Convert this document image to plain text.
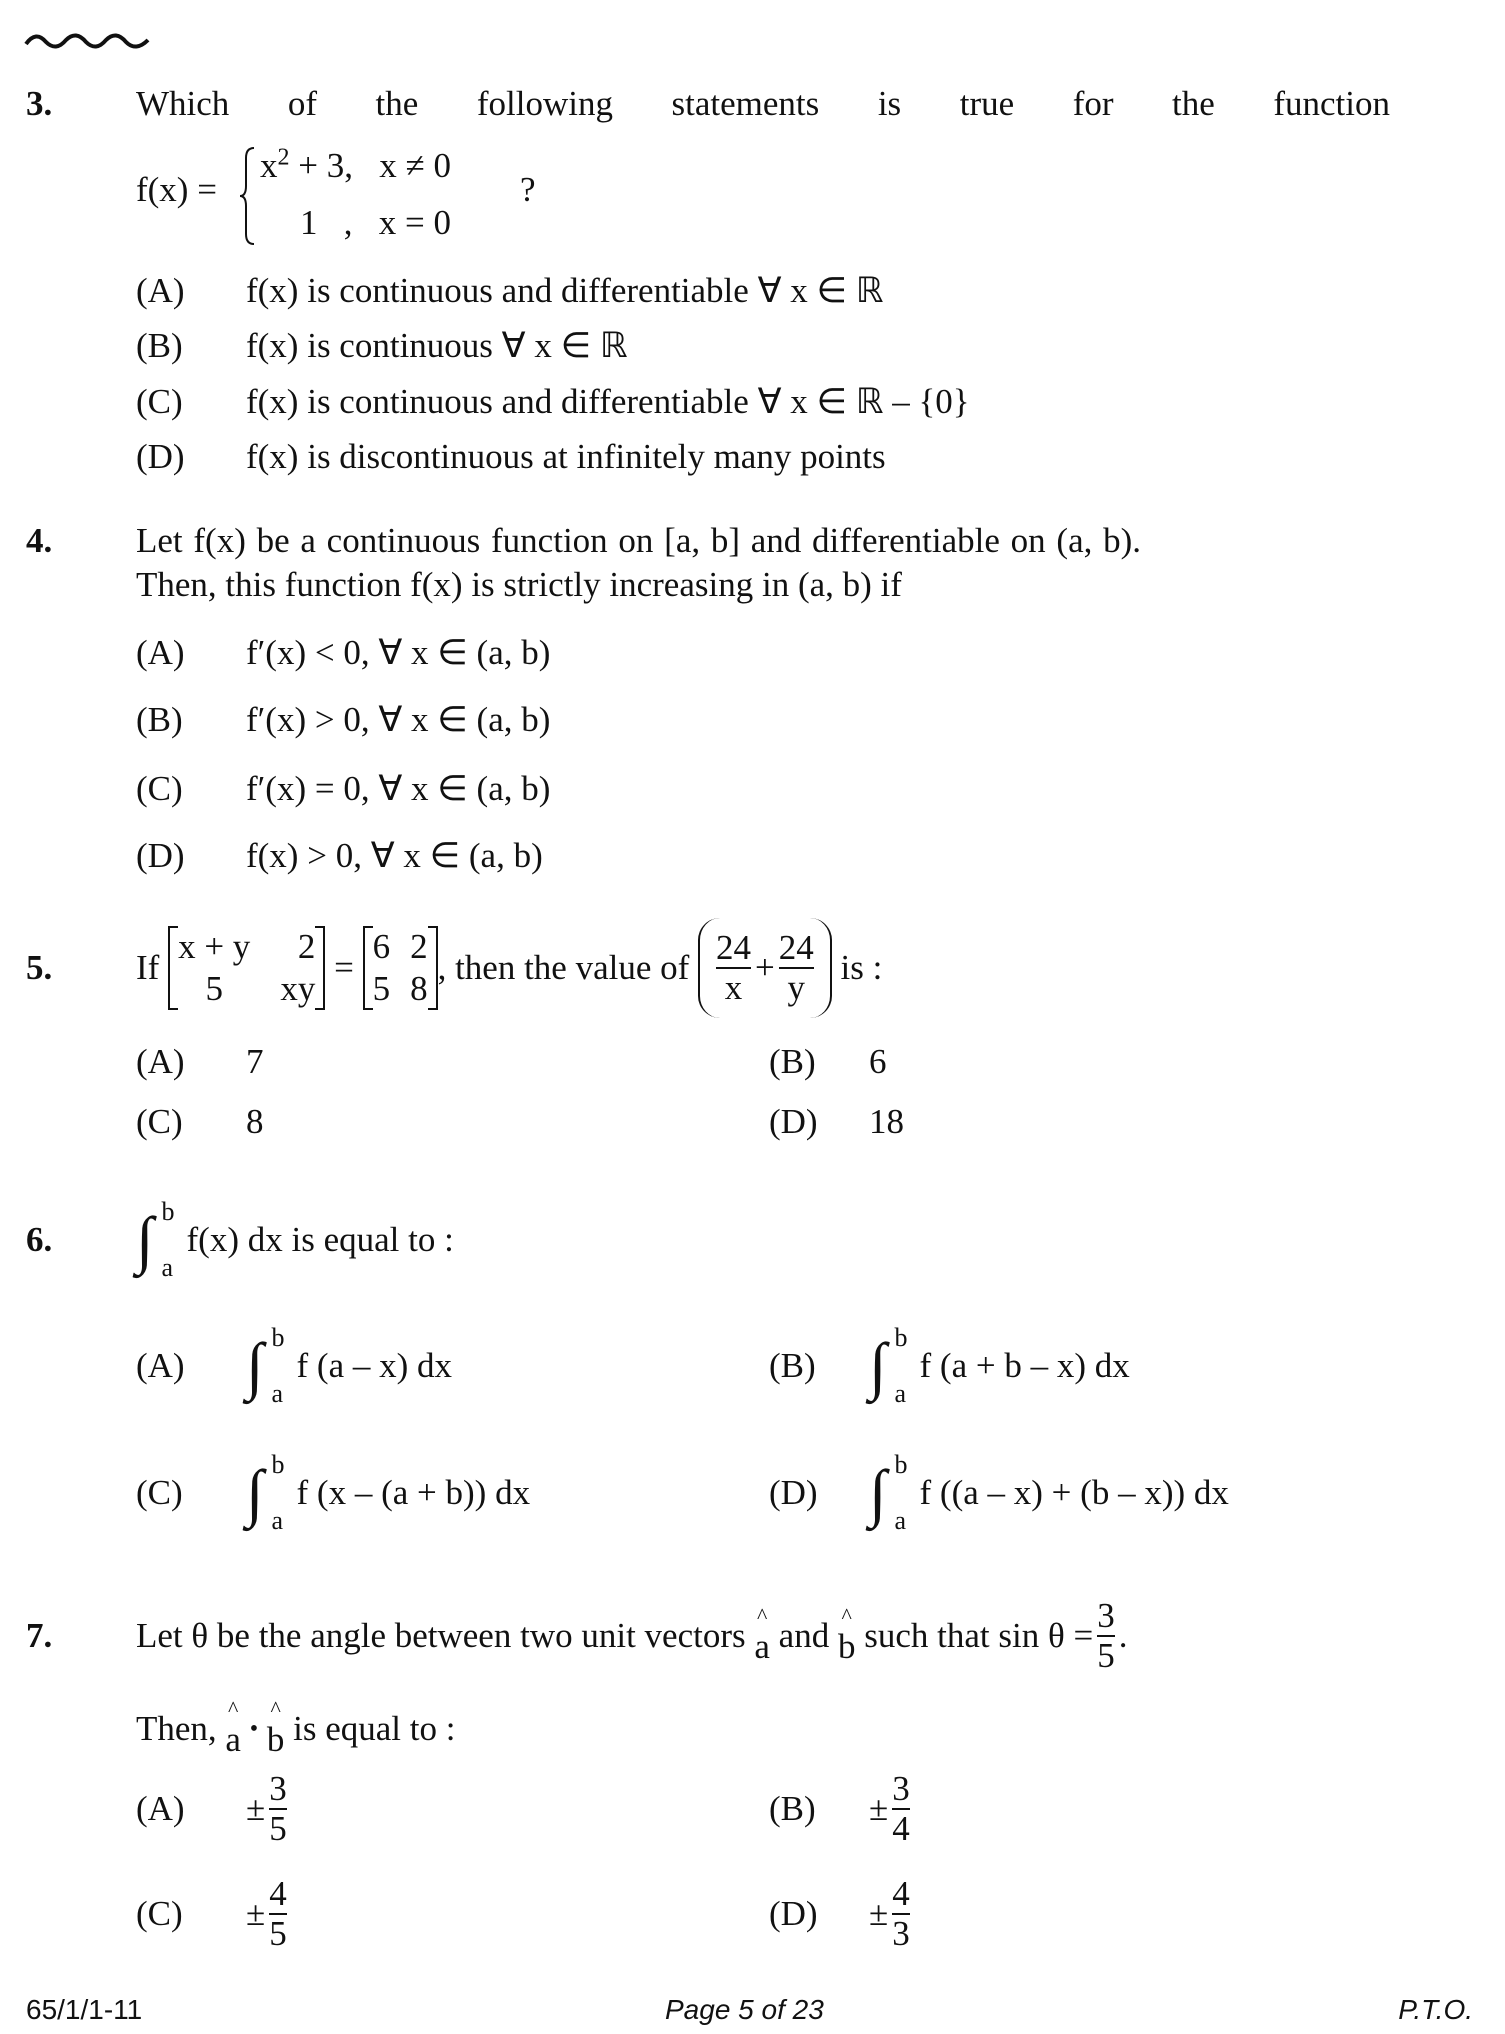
3. Which of the following statements is true for the function
f(x) =
$x^2 + 3$, x ≠ 0
1 , x = 0
?
(A)	f(x) is continuous and differentiable ∀ x ∈ ℝ
(B)	f(x) is continuous ∀ x ∈ ℝ
(C)	f(x) is continuous and differentiable ∀ x ∈ ℝ – {0}
(D)	f(x) is discontinuous at infinitely many points
4. Let f(x) be a continuous function on [a, b] and differentiable on (a, b).
Then, this function f(x) is strictly increasing in (a, b) if
(A)	f′(x) < 0, ∀ x ∈ (a, b)
(B)	f′(x) > 0, ∀ x ∈ (a, b)
(C)	f′(x) = 0, ∀ x ∈ (a, b)
(D)	f(x) > 0, ∀ x ∈ (a, b)
5. If

x + y	2
5	xy

=

6 2
5 8
, then the value of
$\frac{24}{x} + \frac{24}{y}$
is :
(A)	7	(B)	6
(C)	8	(D)	18
6. ∫ b
a
f(x) dx is equal to :
(A) ∫ b
a
f (a – x) dx	(B) ∫ b
a
f (a + b – x) dx
(C) ∫ b
a
f (x – (a + b)) dx	(D) ∫ b
a
f ((a – x) + (b – x)) dx
7. Let θ be the angle between two unit vectors

^
a
and

^
b
such that $\sin \theta = \frac{3}{5}$ .
Then,

^
a
•

^
b
is equal to :
(A)	± $\frac{3}{5}$	(B)	± $\frac{3}{4}$
(C)	± $\frac{4}{5}$	(D)	± $\frac{4}{3}$
65/1/1-11	Page 5 of 23	P.T.O.
